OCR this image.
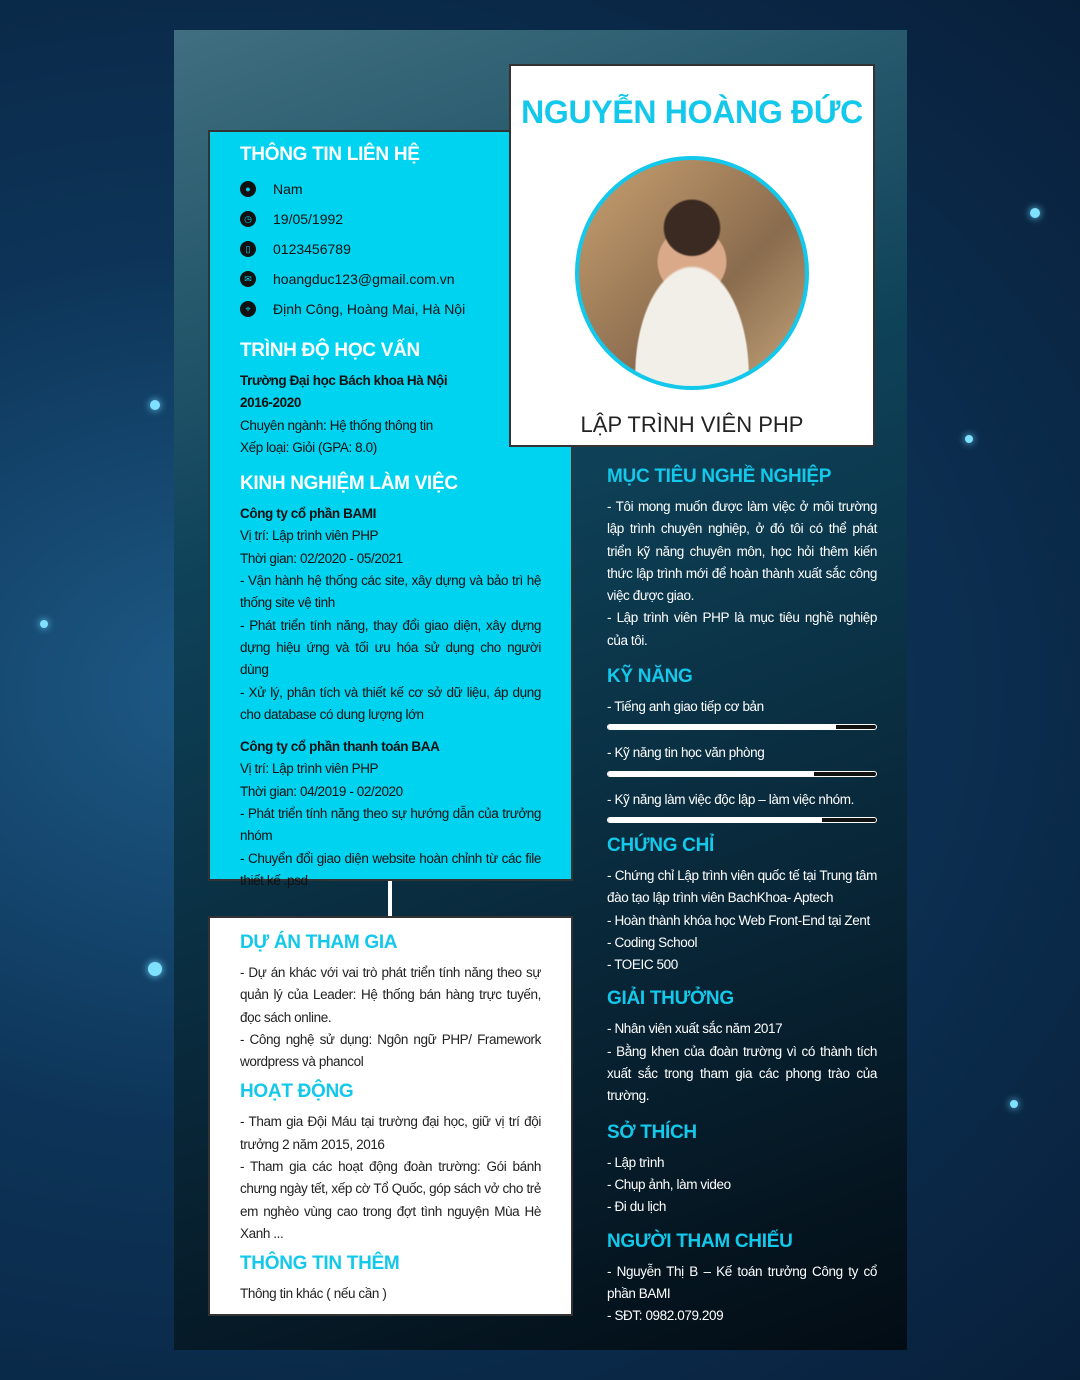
THÔNG TIN LIÊN HỆ
●	Nam
◷ 19/05/1992
▯	0123456789
✉	hoangduc123@gmail.com.vn
⌖	Định Công, Hoàng Mai, Hà Nội
TRÌNH ĐỘ HỌC VẤN

Trường Đại học Bách khoa Hà Nội
2016-2020
Chuyên ngành: Hệ thống thông tin
Xếp loại: Giỏi (GPA: 8.0)

KINH NGHIỆM LÀM VIỆC

Công ty cổ phần BAMI

Vị trí: Lập trình viên PHP

Thời gian: 02/2020 - 05/2021

- Vận hành hệ thống các site, xây dựng và bảo trì hệ thống site vệ tinh

- Phát triển tính năng, thay đổi giao diện, xây dựng dựng hiệu ứng và tối ưu hóa sử dụng cho người dùng

- Xử lý, phân tích và thiết kế cơ sở dữ liệu, áp dụng cho database có dung lượng lớn

Công ty cổ phần thanh toán BAA

Vị trí: Lập trình viên PHP

Thời gian: 04/2019 - 02/2020

- Phát triển tính năng theo sự hướng dẫn của trưởng nhóm

- Chuyển đổi giao diện website hoàn chỉnh từ các file thiết kế .psd

NGUYỄN HOÀNG ĐỨC
LẬP TRÌNH VIÊN PHP
DỰ ÁN THAM GIA

- Dự án khác với vai trò phát triển tính năng theo sự quản lý của Leader: Hệ thống bán hàng trực tuyến, đọc sách online.

- Công nghệ sử dụng: Ngôn ngữ PHP/ Framework wordpress và phancol

HOẠT ĐỘNG

- Tham gia Đội Máu tại trường đại học, giữ vị trí đội trưởng 2 năm 2015, 2016

- Tham gia các hoạt động đoàn trường: Gói bánh chưng ngày tết, xếp cờ Tổ Quốc, góp sách vở cho trẻ em nghèo vùng cao trong đợt tình nguyện Mùa Hè Xanh ...

THÔNG TIN THÊM

Thông tin khác ( nếu cần )

MỤC TIÊU NGHỀ NGHIỆP

- Tôi mong muốn được làm việc ở môi trường lập trình chuyên nghiệp, ở đó tôi có thể phát triển kỹ năng chuyên môn, học hỏi thêm kiến thức lập trình mới để hoàn thành xuất sắc công việc được giao.

- Lập trình viên PHP là mục tiêu nghề nghiệp của tôi.

KỸ NĂNG

- Tiếng anh giao tiếp cơ bản

- Kỹ năng tin học văn phòng

- Kỹ năng làm việc độc lập – làm việc nhóm.

CHỨNG CHỈ

- Chứng chỉ Lập trình viên quốc tế tại Trung tâm đào tạo lập trình viên BachKhoa- Aptech

- Hoàn thành khóa học Web Front-End tại Zent

- Coding School

- TOEIC 500

GIẢI THƯỞNG

- Nhân viên xuất sắc năm 2017

- Bằng khen của đoàn trường vì có thành tích xuất sắc trong tham gia các phong trào của trường.

SỞ THÍCH

- Lập trình

- Chụp ảnh, làm video

- Đi du lịch

NGƯỜI THAM CHIẾU

- Nguyễn Thị B – Kế toán trưởng Công ty cổ phần BAMI

- SĐT: 0982.079.209
